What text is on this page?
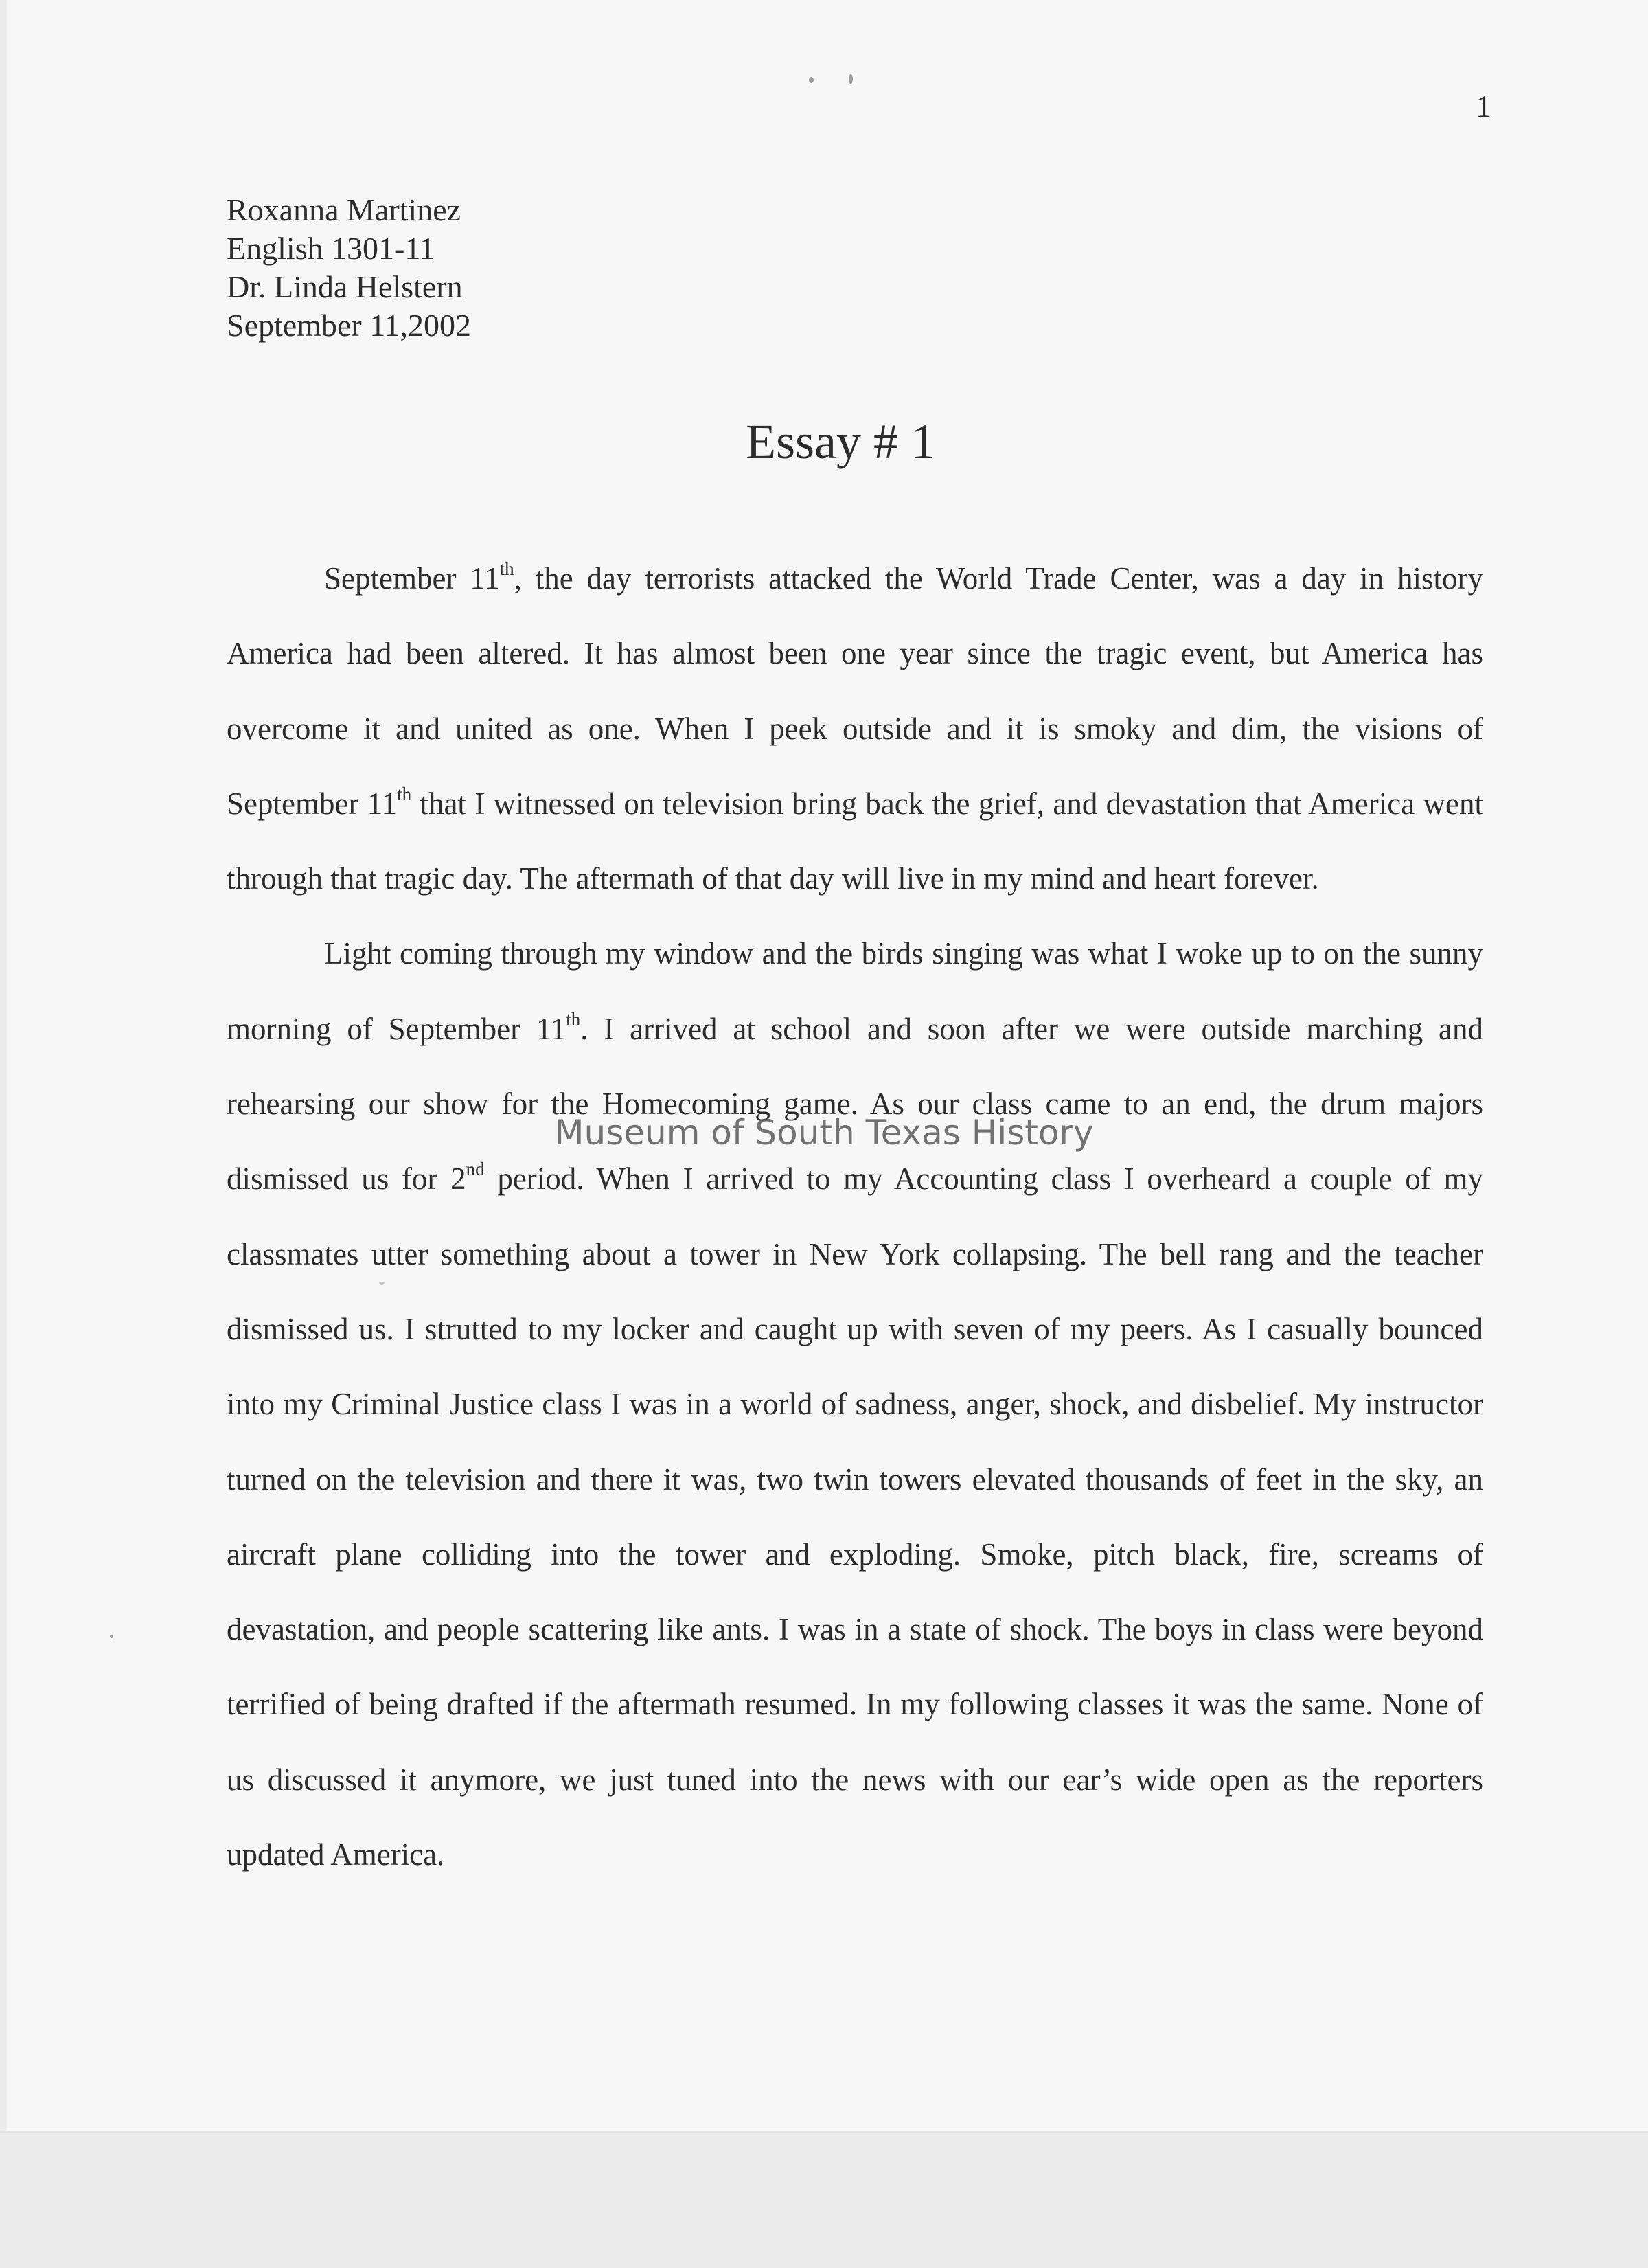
1
Roxanna Martinez
English 1301-11
Dr. Linda Helstern
September 11,2002
Essay # 1

September 11th, the day terrorists attacked the World Trade Center, was a day in history America had been altered. It has almost been one year since the tragic event, but America has overcome it and united as one. When I peek outside and it is smoky and dim, the visions of September 11th that I witnessed on television bring back the grief, and devastation that America went through that tragic day. The aftermath of that day will live in my mind and heart forever.

Light coming through my window and the birds singing was what I woke up to on the sunny morning of September 11th. I arrived at school and soon after we were outside marching and rehearsing our show for the Homecoming game. As our class came to an end, the drum majors dismissed us for 2nd period. When I arrived to my Accounting class I overheard a couple of my classmates utter something about a tower in New York collapsing. The bell rang and the teacher dismissed us. I strutted to my locker and caught up with seven of my peers. As I casually bounced into my Criminal Justice class I was in a world of sadness, anger, shock, and disbelief. My instructor turned on the television and there it was, two twin towers elevated thousands of feet in the sky, an aircraft plane colliding into the tower and exploding. Smoke, pitch black, fire, screams of devastation, and people scattering like ants. I was in a state of shock. The boys in class were beyond terrified of being drafted if the aftermath resumed. In my following classes it was the same. None of us discussed it anymore, we just tuned into the news with our ear’s wide open as the reporters updated America.

Museum of South Texas History
